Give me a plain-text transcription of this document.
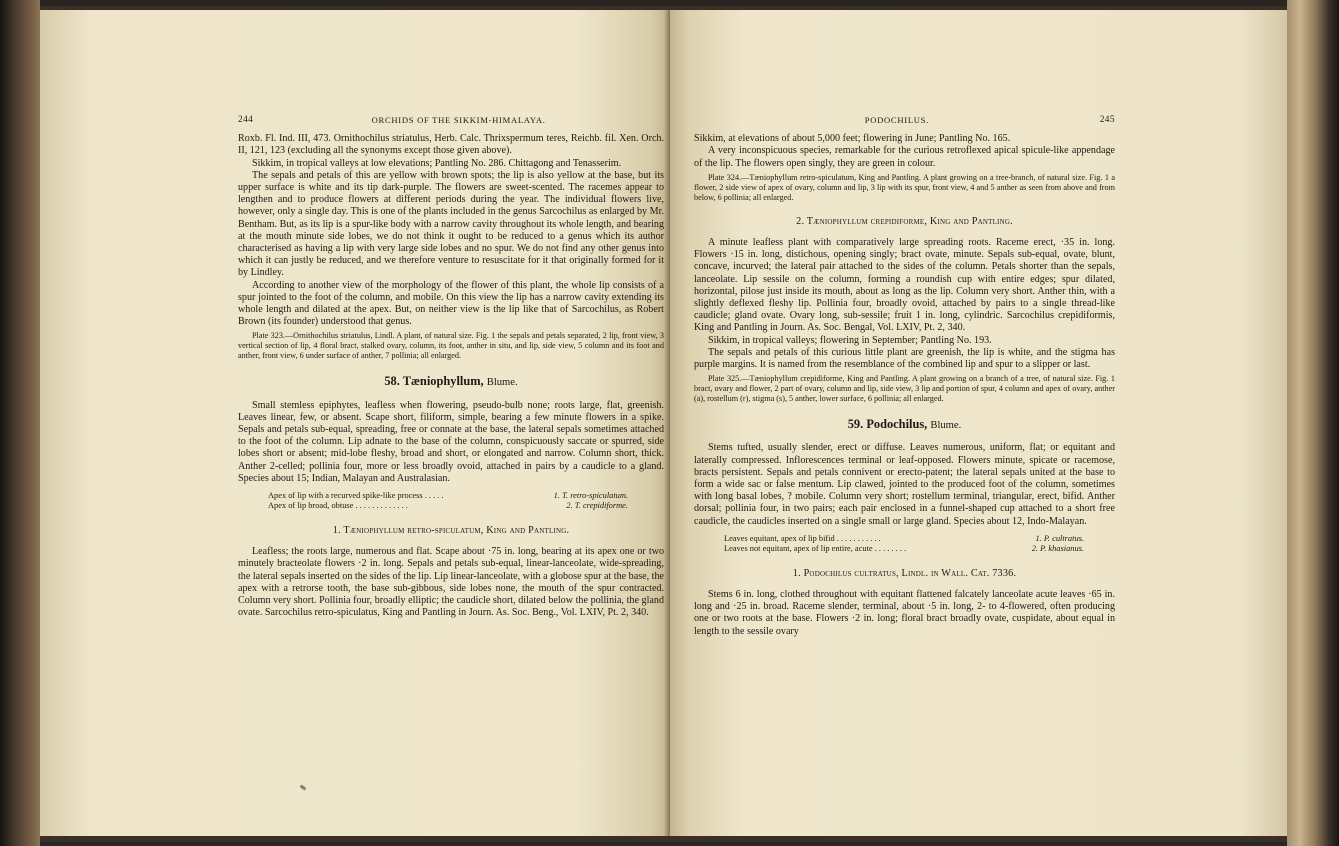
244	ORCHIDS OF THE SIKKIM-HIMALAYA.

Roxb. Fl. Ind. III, 473. Ornithochilus striatulus, Herb. Calc. Thrixspermum teres, Reichb. fil. Xen. Orch. II, 121, 123 (excluding all the synonyms except those given above).

Sikkim, in tropical valleys at low elevations; Pantling No. 286. Chittagong and Tenasserim.

The sepals and petals of this are yellow with brown spots; the lip is also yellow at the base, but its upper surface is white and its tip dark-purple. The flowers are sweet-scented. The racemes appear to lengthen and to produce flowers at different periods during the year. The individual flowers live, however, only a single day. This is one of the plants included in the genus Sarcochilus as enlarged by Mr. Bentham. But, as its lip is a spur-like body with a narrow cavity throughout its whole length, and bearing at the mouth minute side lobes, we do not think it ought to be reduced to a genus which its author characterised as having a lip with very large side lobes and no spur. We do not find any other genus into which it can justly be reduced, and we therefore venture to resuscitate for it that originally formed for it by Lindley.

According to another view of the morphology of the flower of this plant, the whole lip consists of a spur jointed to the foot of the column, and mobile. On this view the lip has a narrow cavity extending its whole length and dilated at the apex. But, on neither view is the lip like that of Sarcochilus, as Robert Brown (its founder) understood that genus.

Plate 323.—Ornithochilus striatulus, Lindl. A plant, of natural size. Fig. 1 the sepals and petals separated, 2 lip, front view, 3 vertical section of lip, 4 floral bract, stalked ovary, column, its foot, anther in situ, and lip, side view, 5 column and its foot and anther, front view, 6 under surface of anther, 7 pollinia; all enlarged.

58. Tæniophyllum, Blume.

Small stemless epiphytes, leafless when flowering, pseudo-bulb none; roots large, flat, greenish. Leaves linear, few, or absent. Scape short, filiform, simple, bearing a few minute flowers in a spike. Sepals and petals sub-equal, spreading, free or connate at the base, the lateral sepals sometimes attached to the foot of the column. Lip adnate to the base of the column, conspicuously saccate or spurred, side lobes short or absent; mid-lobe fleshy, broad and short, or elongated and narrow. Column short, thick. Anther 2-celled; pollinia four, more or less broadly ovoid, attached in pairs by a caudicle to a gland. Species about 15; Indian, Malayan and Australasian.

Apex of lip with a recurved spike-like process . . . . .	1. T. retro-spiculatum.
Apex of lip broad, obtuse . . . . . . . . . . . . .	2. T. crepidiforme.
1. Tæniophyllum retro-spiculatum, King and Pantling.

Leafless; the roots large, numerous and flat. Scape about ·75 in. long, bearing at its apex one or two minutely bracteolate flowers ·2 in. long. Sepals and petals sub-equal, linear-lanceolate, wide-spreading, the lateral sepals inserted on the sides of the lip. Lip linear-lanceolate, with a globose spur at the base, the apex with a retrorse tooth, the base sub-gibbous, side lobes none, the mouth of the spur contracted. Column very short. Pollinia four, broadly elliptic; the caudicle short, dilated below the pollinia, the gland ovate. Sarcochilus retro-spiculatus, King and Pantling in Journ. As. Soc. Beng., Vol. LXIV, Pt. 2, 340.

PODOCHILUS.	245

Sikkim, at elevations of about 5,000 feet; flowering in June; Pantling No. 165.

A very inconspicuous species, remarkable for the curious retroflexed apical spicule-like appendage of the lip. The flowers open singly, they are green in colour.

Plate 324.—Tæniophyllum retro-spiculatum, King and Pantling. A plant growing on a tree-branch, of natural size. Fig. 1 a flower, 2 side view of apex of ovary, column and lip, 3 lip with its spur, front view, 4 and 5 anther as seen from above and from below, 6 pollinia; all enlarged.

2. Tæniophyllum crepidiforme, King and Pantling.

A minute leafless plant with comparatively large spreading roots. Raceme erect, ·35 in. long. Flowers ·15 in. long, distichous, opening singly; bract ovate, minute. Sepals sub-equal, ovate, blunt, concave, incurved; the lateral pair attached to the sides of the column. Petals shorter than the sepals, lanceolate. Lip sessile on the column, forming a roundish cup with entire edges; spur dilated, horizontal, pilose just inside its mouth, about as long as the lip. Column very short. Anther thin, with a slightly deflexed fleshy lip. Pollinia four, broadly ovoid, attached by pairs to a single thread-like caudicle; gland ovate. Ovary long, sub-sessile; fruit 1 in. long, cylindric. Sarcochilus crepidiformis, King and Pantling in Journ. As. Soc. Bengal, Vol. LXIV, Pt. 2, 340.

Sikkim, in tropical valleys; flowering in September; Pantling No. 193.

The sepals and petals of this curious little plant are greenish, the lip is white, and the stigma has purple margins. It is named from the resemblance of the combined lip and spur to a slipper or last.

Plate 325.—Tæniophyllum crepidiforme, King and Pantling. A plant growing on a branch of a tree, of natural size. Fig. 1 bract, ovary and flower, 2 part of ovary, column and lip, side view, 3 lip and portion of spur, 4 column and apex of ovary, anther (a), rostellum (r), stigma (s), 5 anther, lower surface, 6 pollinia; all enlarged.

59. Podochilus, Blume.

Stems tufted, usually slender, erect or diffuse. Leaves numerous, uniform, flat; or equitant and laterally compressed. Inflorescences terminal or leaf-opposed. Flowers minute, spicate or racemose, bracts persistent. Sepals and petals connivent or erecto-patent; the lateral sepals united at the base to form a wide sac or false mentum. Lip clawed, jointed to the produced foot of the column, sometimes with long basal lobes, ? mobile. Column very short; rostellum terminal, triangular, erect, bifid. Anther dorsal; pollinia four, in two pairs; each pair enclosed in a funnel-shaped cup attached to a short free caudicle, the caudicles inserted on a single small or large gland. Species about 12, Indo-Malayan.

Leaves equitant, apex of lip bifid . . . . . . . . . . .	1. P. cultratus.
Leaves not equitant, apex of lip entire, acute . . . . . . . .	2. P. khasianus.
1. Podochilus cultratus, Lindl. in Wall. Cat. 7336.

Stems 6 in. long, clothed throughout with equitant flattened falcately lanceolate acute leaves ·65 in. long and ·25 in. broad. Raceme slender, terminal, about ·5 in. long, 2- to 4-flowered, often producing one or two roots at the base. Flowers ·2 in. long; floral bract broadly ovate, cuspidate, about equal in length to the sessile ovary
